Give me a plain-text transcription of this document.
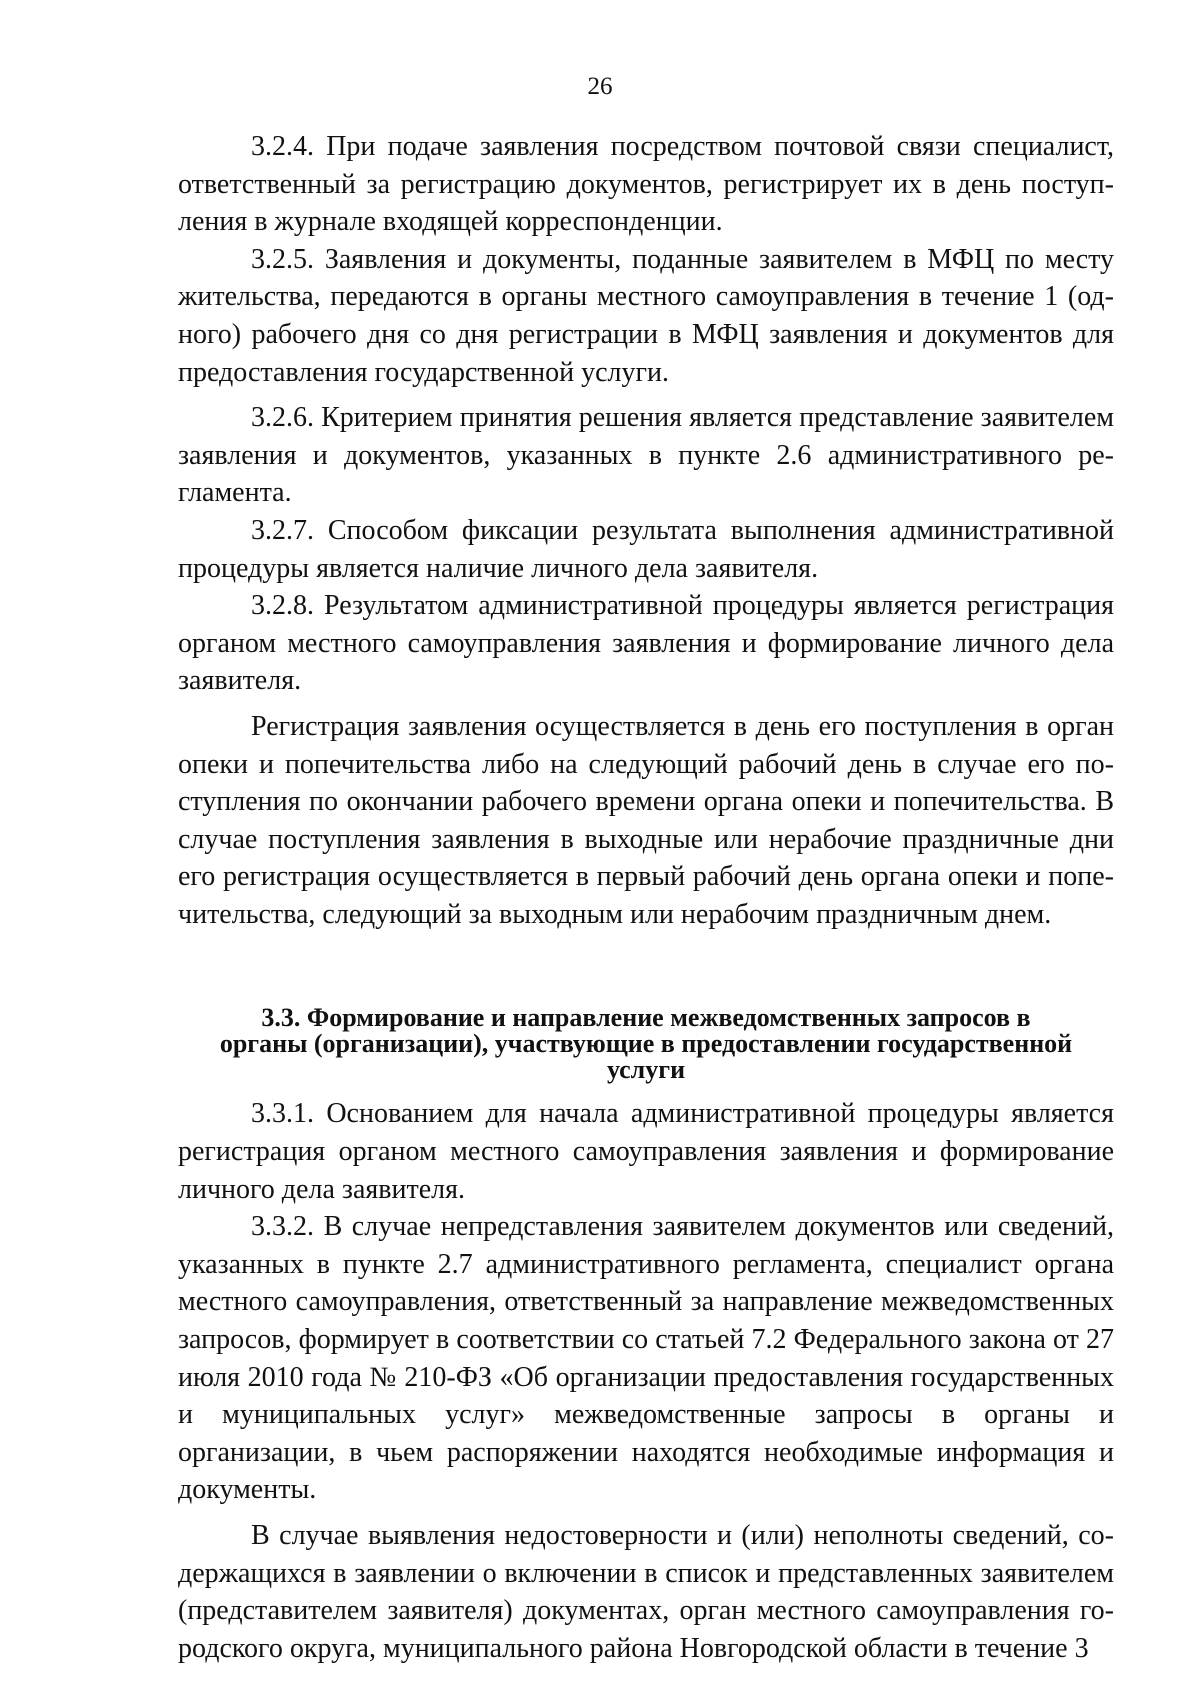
26

3.2.4. При подаче заявления посредством почтовой связи специалист, ответственный за регистрацию документов, регистрирует их в день поступления в журнале входящей корреспонденции.

3.2.5. Заявления и документы, поданные заявителем в МФЦ по месту жительства, передаются в органы местного самоуправления в течение 1 (одного) рабочего дня со дня регистрации в МФЦ заявления и документов для предоставления государственной услуги.

3.2.6. Критерием принятия решения является представление заявителем заявления и документов, указанных в пункте 2.6 административного регламента.

3.2.7. Способом фиксации результата выполнения административной процедуры является наличие личного дела заявителя.

3.2.8. Результатом административной процедуры является регистрация органом местного самоуправления заявления и формирование личного дела заявителя.

Регистрация заявления осуществляется в день его поступления в орган опеки и попечительства либо на следующий рабочий день в случае его поступления по окончании рабочего времени органа опеки и попечительства. В случае поступления заявления в выходные или нерабочие праздничные дни его регистрация осуществляется в первый рабочий день органа опеки и попечительства, следующий за выходным или нерабочим праздничным днем.

3.3. Формирование и направление межведомственных запросов в
органы (организации), участвующие в предоставлении государственной
услуги

3.3.1. Основанием для начала административной процедуры является регистрация органом местного самоуправления заявления и формирование личного дела заявителя.

3.3.2. В случае непредставления заявителем документов или сведений, указанных в пункте 2.7 административного регламента, специалист органа местного самоуправления, ответственный за направление межведомственных запросов, формирует в соответствии со статьей 7.2 Федерального закона от 27 июля 2010 года № 210-ФЗ «Об организации предоставления государственных и муниципальных услуг» межведомственные запросы в органы и организации, в чьем распоряжении находятся необходимые информация и документы.

В случае выявления недостоверности и (или) неполноты сведений, содержащихся в заявлении о включении в список и представленных заявителем (представителем заявителя) документах, орган местного самоуправления городского округа, муниципального района Новгородской области в течение 3
